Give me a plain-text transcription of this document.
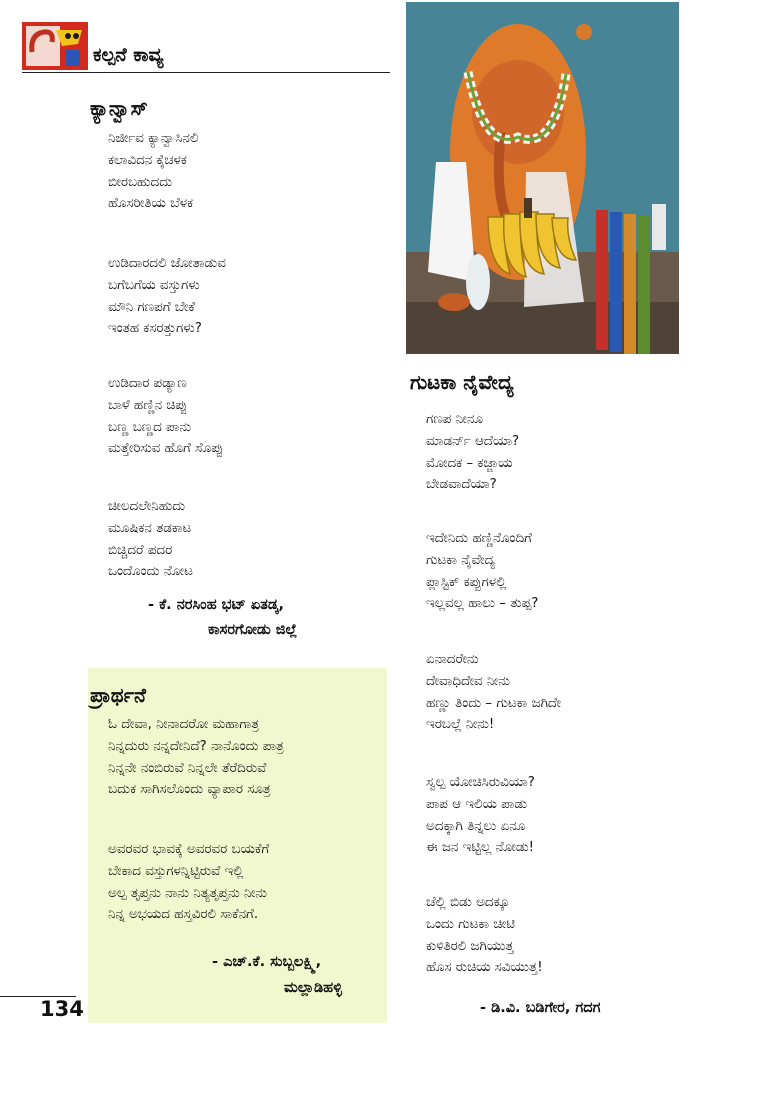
ಕಲ್ಪನೆ ಕಾವ್ಯ
ಕ್ಯಾನ್ವಾಸ್
ನಿರ್ಜೀವ ಕ್ಯಾನ್ವಾಸಿನಲಿ
ಕಲಾವಿದನ ಕೈಚಳಕ
ಬೀರಬಹುದದು
ಹೊಸರೀತಿಯ ಬೆಳಕ
ಉಡಿದಾರದಲಿ ಜೋತಾಡುವ
ಬಗೆಬಗೆಯ ವಸ್ತುಗಳು
ಮೌನಿ ಗಣಪಗೆ ಬೇಕೆ
ಇಂತಹ ಕಸರತ್ತುಗಳು?
ಉಡಿದಾರ ಪಡ್ಯಾಣ
ಬಾಳೆ ಹಣ್ಣಿನ ಚಿಪ್ಪು
ಬಣ್ಣ ಬಣ್ಣದ ಪಾನು
ಮತ್ತೇರಿಸುವ ಹೊಗೆ ಸೊಪ್ಪು
ಚೀಲದಲೇನಿಹುದು
ಮೂಷಿಕನ ತಡಕಾಟ
ಬಿಚ್ಚಿದರೆ ಪದರ
ಒಂದೊಂದು ನೋಟ
- ಕೆ. ನರಸಿಂಹ ಭಟ್ ಏತಡ್ಕ,
ಕಾಸರಗೋಡು ಜಿಲ್ಲೆ
ಪ್ರಾರ್ಥನೆ
ಓ ದೇವಾ, ನೀನಾದರೋ ಮಹಾಗಾತ್ರ
ನಿನ್ನದುರು ನನ್ನದೇನಿದೆ? ನಾನೊಂದು ಪಾತ್ರ
ನಿನ್ನನೇ ನಂಬಿರುವೆ ನಿನ್ನಲೇ ತೆರೆದಿರುವೆ
ಬದುಕ ಸಾಗಿಸಲೊಂದು ವ್ಯಾಪಾರ ಸೂತ್ರ
ಅವರವರ ಭಾವಕ್ಕೆ ಅವರವರ ಬಯಕೆಗೆ
ಬೇಕಾದ ವಸ್ತುಗಳನ್ನಿಟ್ಟಿರುವೆ ಇಲ್ಲಿ
ಅಲ್ಪ ತೃಪ್ತನು ನಾನು ನಿತ್ಯತೃಪ್ತನು ನೀನು
ನಿನ್ನ ಅಭಯದ ಹಸ್ತವಿರಲಿ ಸಾಕೆನಗೆ.
- ಎಚ್.ಕೆ. ಸುಬ್ಬಲಕ್ಷ್ಮಿ,
ಮಲ್ಲಾಡಿಹಳ್ಳಿ
ಗುಟಕಾ ನೈವೇದ್ಯ
ಗಣಪ ನೀನೂ
ಮಾಡರ್ನ್ ಆದೆಯಾ?
ಮೋದಕ – ಕಜ್ಜಾಯ
ಬೇಡವಾದೆಯಾ?
ಇದೇನಿದು ಹಣ್ಣಿನೊಂದಿಗೆ
ಗುಟಕಾ ನೈವೇದ್ಯ
ಪ್ಲಾಸ್ಟಿಕ್ ಕಪ್ಪುಗಳಲ್ಲಿ
ಇಲ್ಲವಲ್ಲ ಹಾಲು – ತುಪ್ಪ?
ಏನಾದರೇನು
ದೇವಾಧಿದೇವ ನೀನು
ಹಣ್ಣು ತಿಂದು – ಗುಟಕಾ ಜಗಿದೇ
ಇರಬಲ್ಲೆ ನೀನು!
ಸ್ವಲ್ಪ ಯೋಚಿಸಿರುವಿಯಾ?
ಪಾಪ ಆ ಇಲಿಯ ಪಾಡು
ಅದಕ್ಕಾಗಿ ತಿನ್ನಲು ಏನೂ
ಈ ಜನ ಇಟ್ಟಿಲ್ಲ ನೋಡು!
ಚೆಲ್ಲಿ ಬಿಡು ಅದಕ್ಕೂ
ಒಂದು ಗುಟಕಾ ಚೀಟಿ
ಕುಳಿತಿರಲಿ ಜಗಿಯುತ್ತ
ಹೊಸ ರುಚಿಯ ಸವಿಯುತ್ತ!
- ಡಿ.ವಿ. ಬಡಿಗೇರ, ಗದಗ
134
